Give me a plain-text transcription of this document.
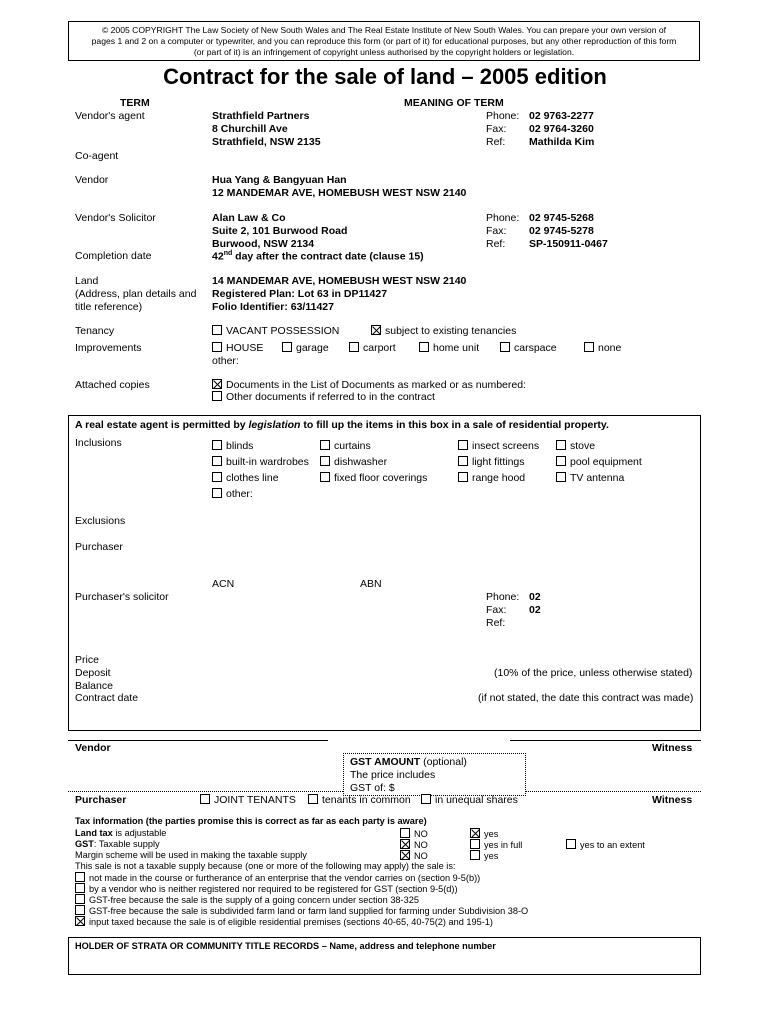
© 2005 COPYRIGHT The Law Society of New South Wales and The Real Estate Institute of New South Wales. You can prepare your own version of
pages 1 and 2 on a computer or typewriter, and you can reproduce this form (or part of it) for educational purposes, but any other reproduction of this form
(or part of it) is an infringement of copyright unless authorised by the copyright holders or legislation.
Contract for the sale of land – 2005 edition
TERM	MEANING OF TERM
Vendor's agent	Strathfield Partners
8 Churchill Ave
Strathfield, NSW 2135
Phone: 02 9763-2277
Fax: 02 9764-3260
Ref: Mathilda Kim
Co-agent
Vendor	Hua Yang & Bangyuan Han
12 MANDEMAR AVE, HOMEBUSH WEST NSW 2140
Vendor's Solicitor	Alan Law & Co
Suite 2, 101 Burwood Road
Burwood, NSW 2134
Phone: 02 9745-5268
Fax: 02 9745-5278
Ref: SP-150911-0467
Completion date	42nd day after the contract date (clause 15)
Land
(Address, plan details and
title reference)
14 MANDEMAR AVE, HOMEBUSH WEST NSW 2140
Registered Plan: Lot 63 in DP11427
Folio Identifier: 63/11427
Tenancy	VACANT POSSESSION	subject to existing tenancies
Improvements	HOUSE	garage	carport	home unit	carspace	none
other:
Attached copies	Documents in the List of Documents as marked or as numbered:
Other documents if referred to in the contract
A real estate agent is permitted by legislation to fill up the items in this box in a sale of residential property.
Inclusions	blinds	curtains	insect screens	stove
built-in wardrobes	dishwasher	light fittings	pool equipment
clothes line	fixed floor coverings	range hood	TV antenna
other:
Exclusions
Purchaser
ACN	ABN
Purchaser's solicitor	Phone: 02
Fax: 02
Ref:
Price
Deposit	(10% of the price, unless otherwise stated)
Balance
Contract date	(if not stated, the date this contract was made)
Vendor	Witness
GST AMOUNT (optional)
The price includes
GST of: $
Purchaser	JOINT TENANTS	tenants in common	in unequal shares	Witness
Tax information (the parties promise this is correct as far as each party is aware)
Land tax is adjustable	NO	yes
GST: Taxable supply	NO	yes in full	yes to an extent
Margin scheme will be used in making the taxable supply	NO	yes
This sale is not a taxable supply because (one or more of the following may apply) the sale is:
not made in the course or furtherance of an enterprise that the vendor carries on (section 9-5(b))
by a vendor who is neither registered nor required to be registered for GST (section 9-5(d))
GST-free because the sale is the supply of a going concern under section 38-325
GST-free because the sale is subdivided farm land or farm land supplied for farming under Subdivision 38-O
input taxed because the sale is of eligible residential premises (sections 40-65, 40-75(2) and 195-1)
HOLDER OF STRATA OR COMMUNITY TITLE RECORDS – Name, address and telephone number
